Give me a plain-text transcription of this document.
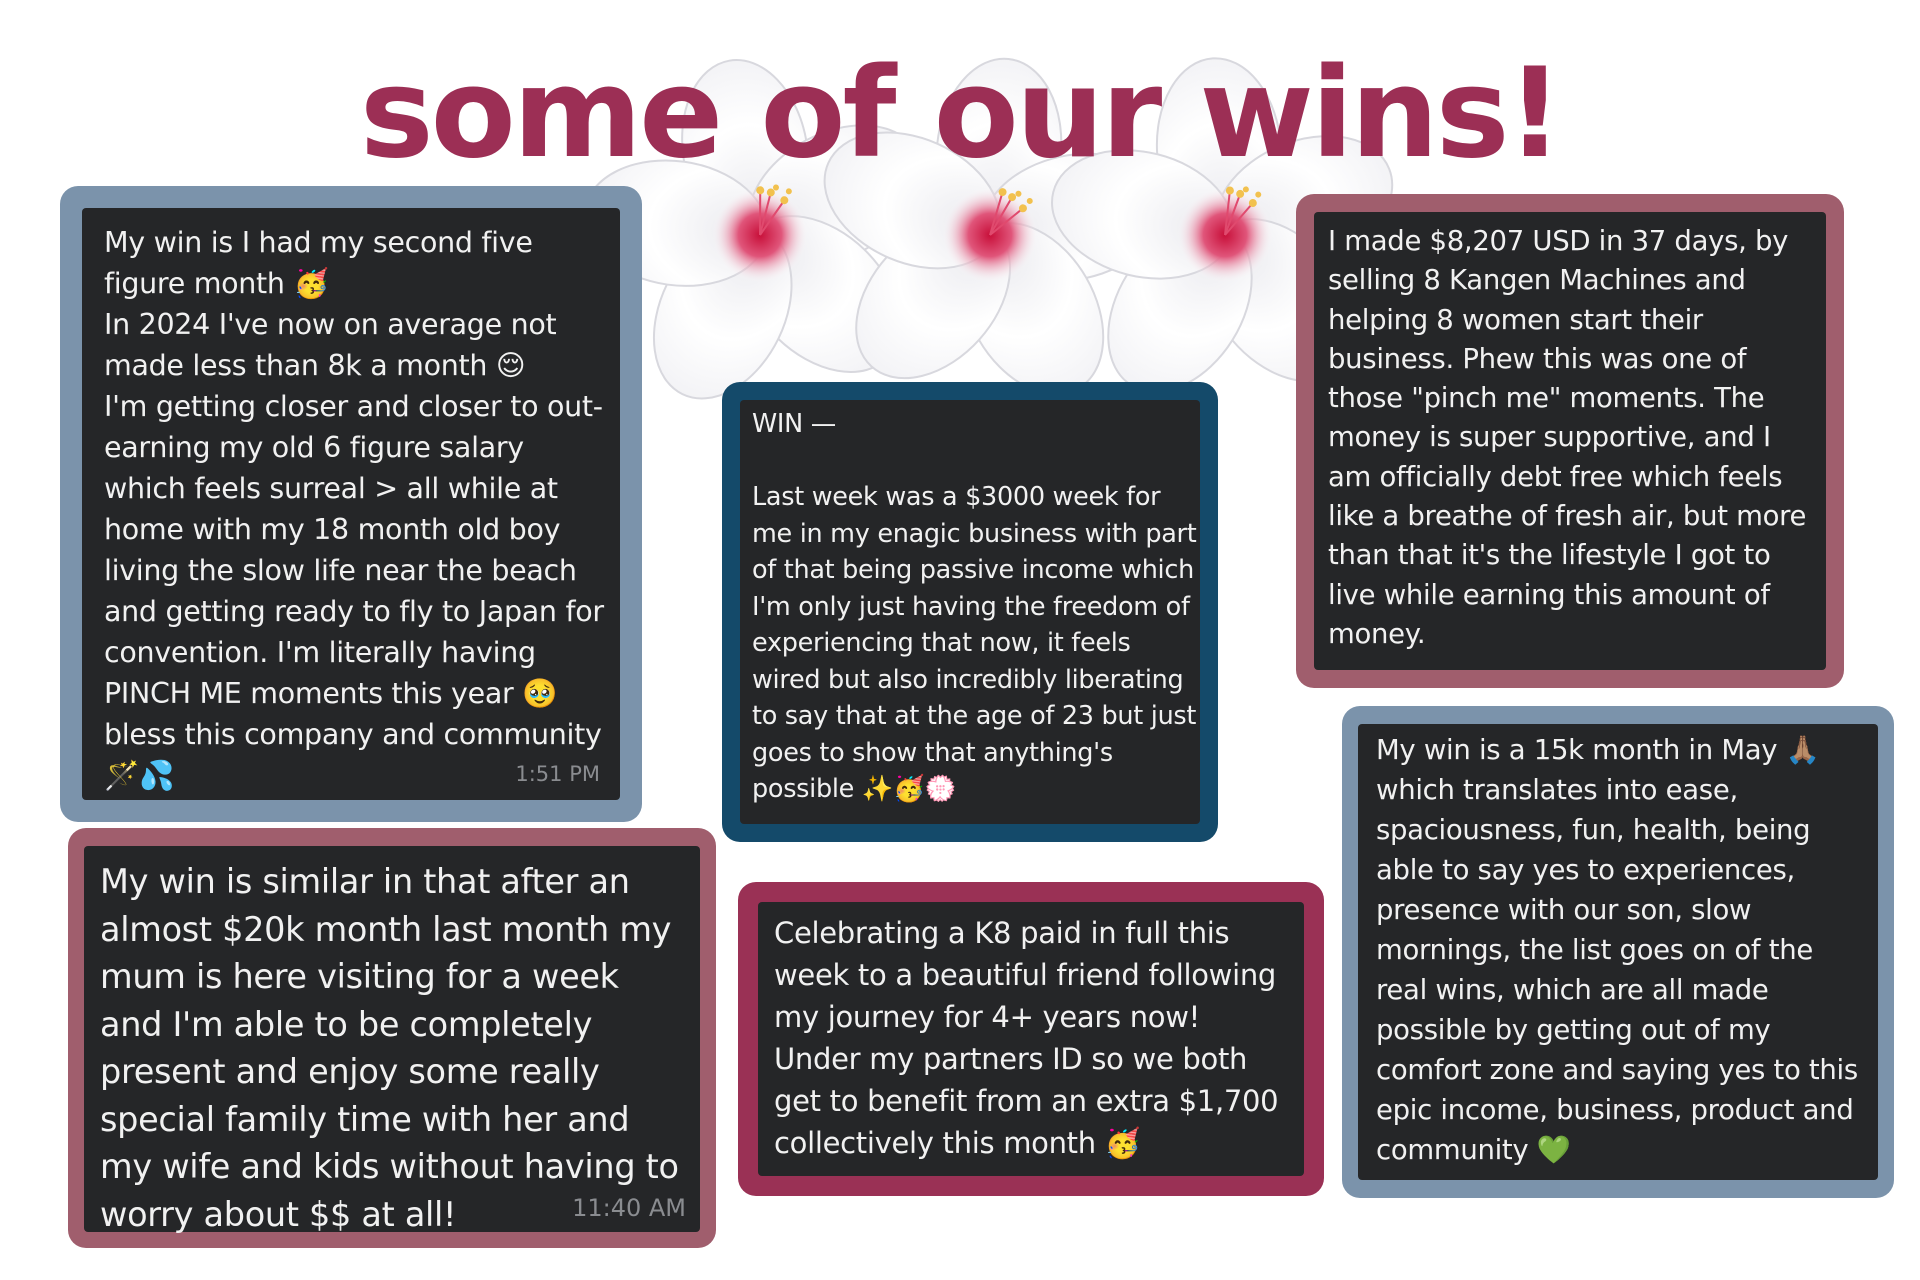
some of our wins!

My win is I had my second five figure month 🥳
In 2024 I've now on average not made less than 8k a month 😌
I'm getting closer and closer to out-earning my old 6 figure salary which feels surreal > all while at home with my 18 month old boy living the slow life near the beach and getting ready to fly to Japan for convention. I'm literally having PINCH ME moments this year 🥹 bless this company and community 🪄💦	1:51 PM

My win is similar in that after an almost $20k month last month my mum is here visiting for a week and I'm able to be completely present and enjoy some really special family time with her and my wife and kids without having to worry about $$ at all!	11:40 AM

WIN —

Last week was a $3000 week for me in my enagic business with part of that being passive income which I'm only just having the freedom of experiencing that now, it feels wired but also incredibly liberating to say that at the age of 23 but just goes to show that anything's possible ✨🥳💮

Celebrating a K8 paid in full this week to a beautiful friend following my journey for 4+ years now!
Under my partners ID so we both get to benefit from an extra $1,700 collectively this month 🥳

I made $8,207 USD in 37 days, by selling 8 Kangen Machines and helping 8 women start their business. Phew this was one of those "pinch me" moments. The money is super supportive, and I am officially debt free which feels like a breathe of fresh air, but more than that it's the lifestyle I got to live while earning this amount of money.

My win is a 15k month in May 🙏🏽
which translates into ease, spaciousness, fun, health, being able to say yes to experiences, presence with our son, slow mornings, the list goes on of the real wins, which are all made possible by getting out of my comfort zone and saying yes to this epic income, business, product and community 💚
